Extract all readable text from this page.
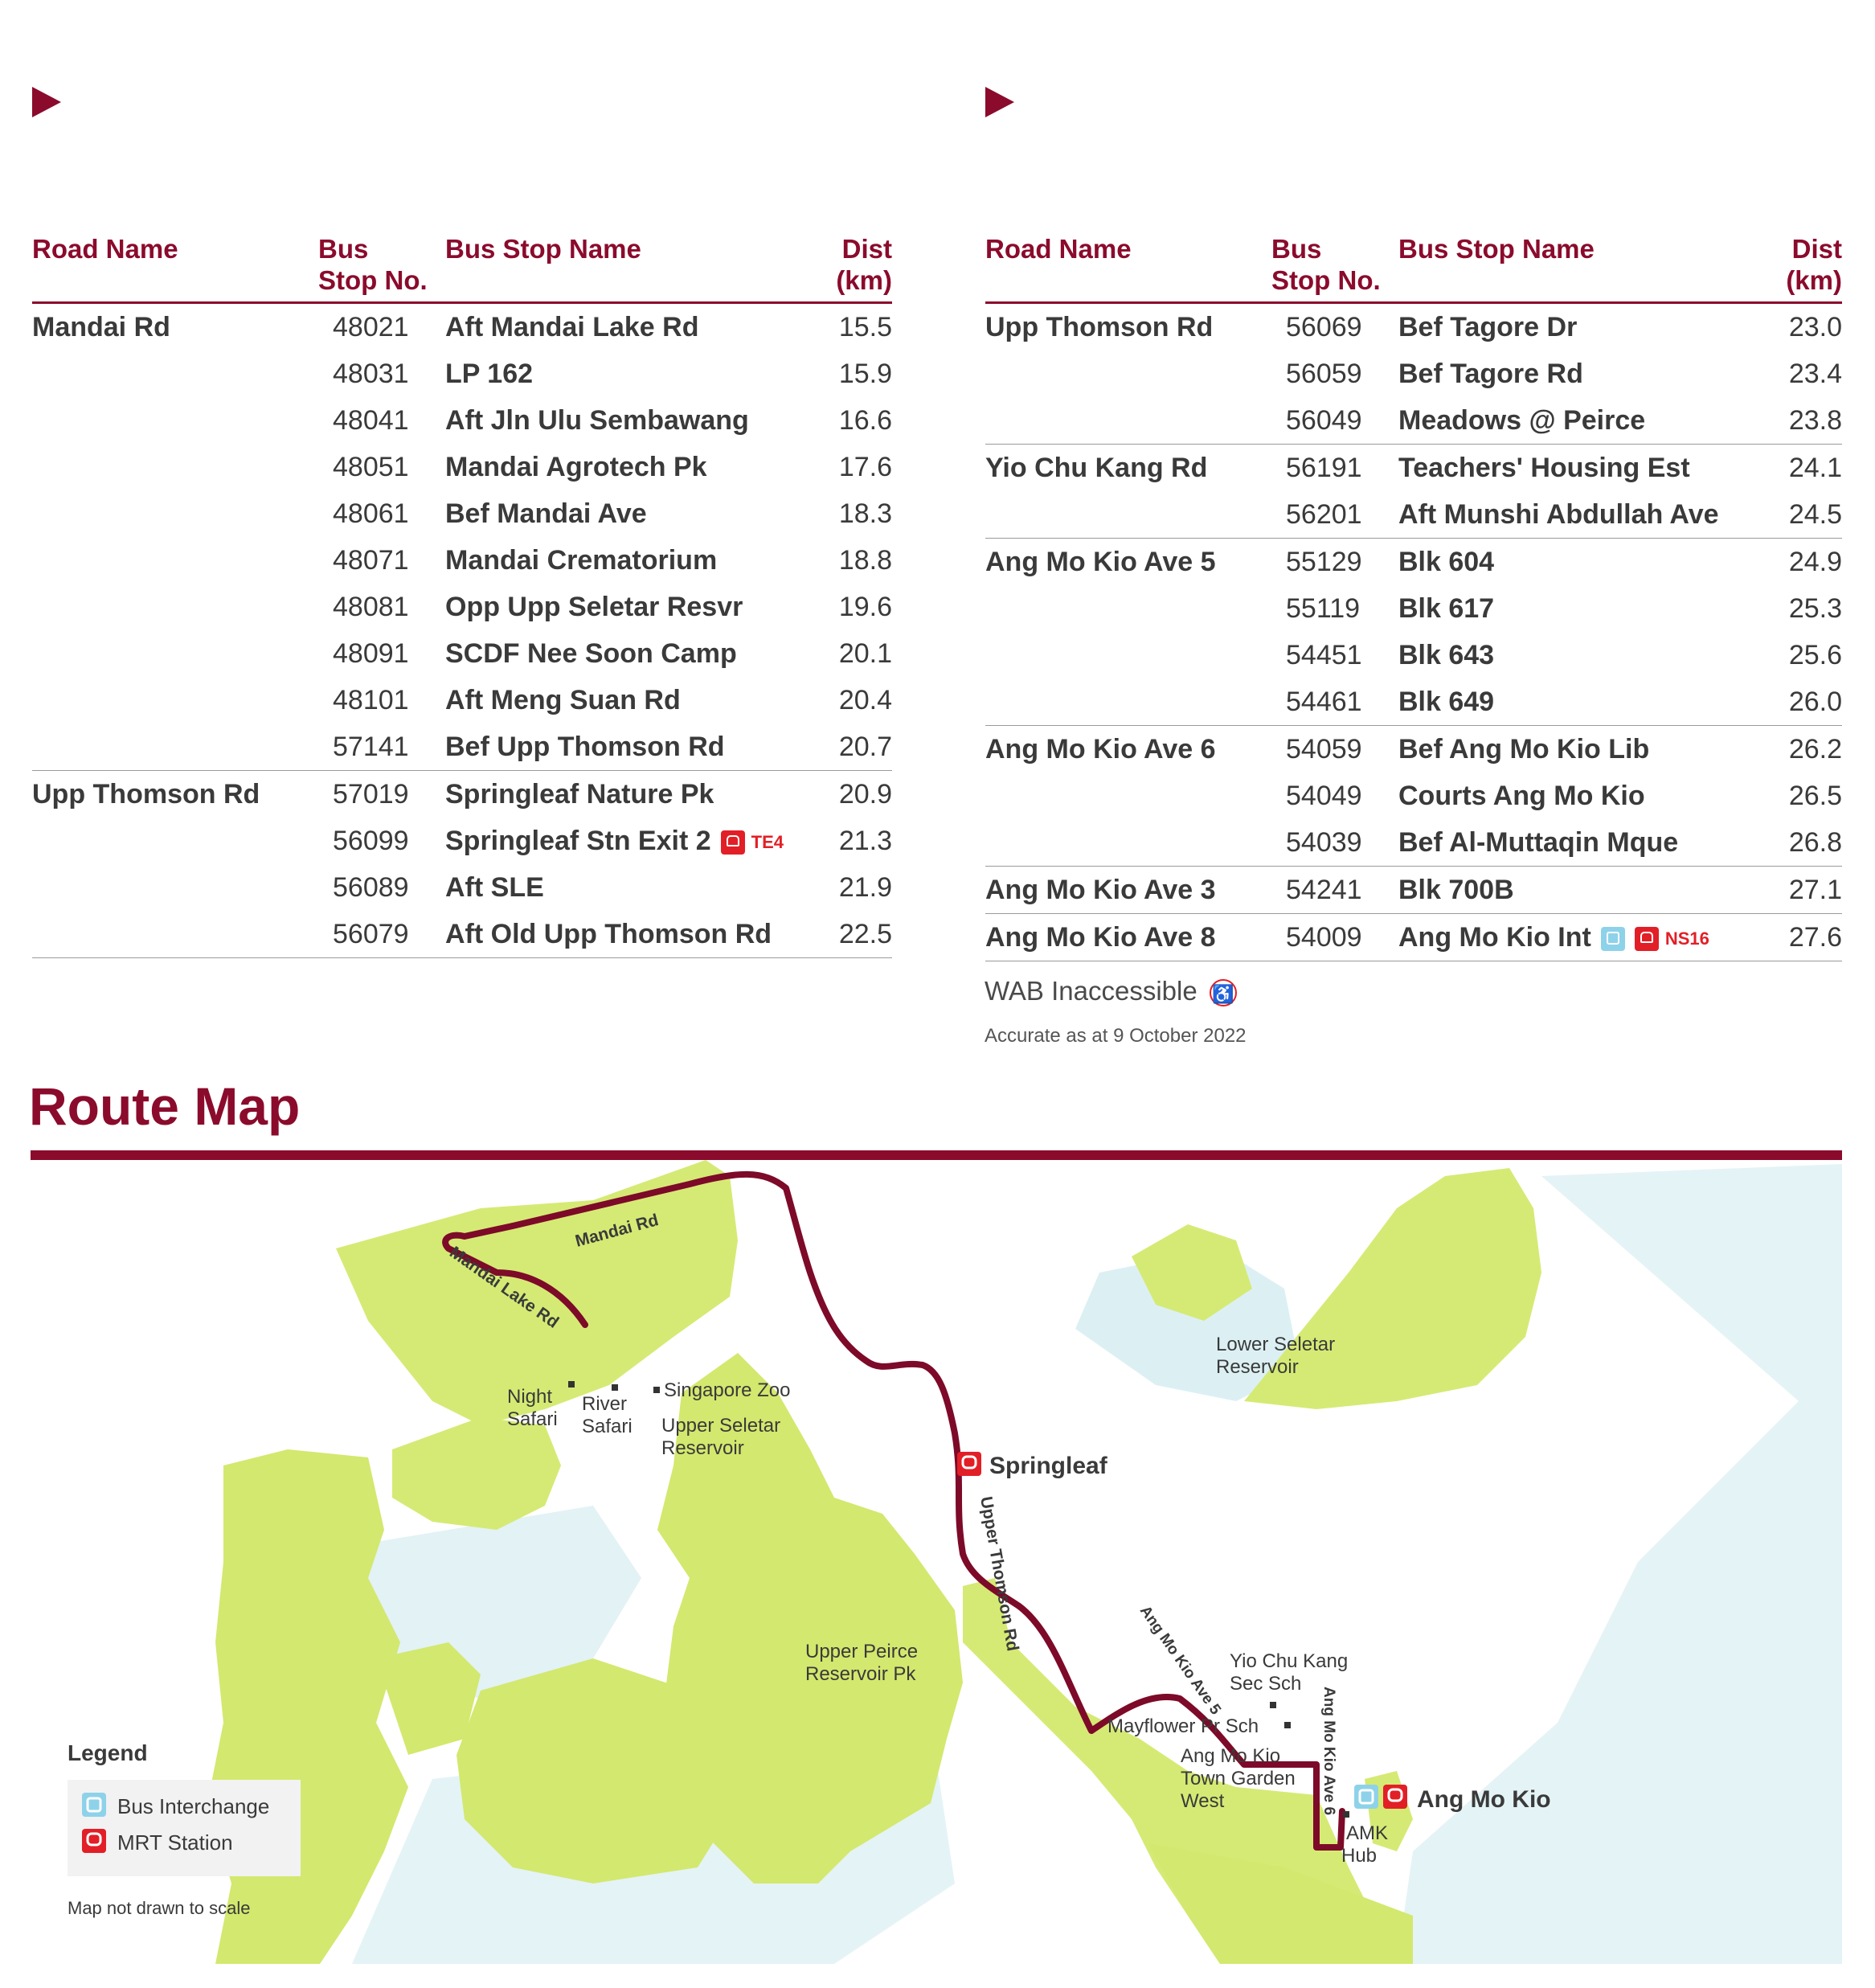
Road Name	Bus
Stop No.
Bus Stop Name	Dist
(km)
Mandai Rd	48021 Aft Mandai Lake Rd	15.5
48031 LP 162	15.9
48041 Aft Jln Ulu Sembawang	16.6
48051 Mandai Agrotech Pk	17.6
48061 Bef Mandai Ave	18.3
48071 Mandai Crematorium	18.8
48081 Opp Upp Seletar Resvr	19.6
48091 SCDF Nee Soon Camp	20.1
48101 Aft Meng Suan Rd	20.4
57141 Bef Upp Thomson Rd	20.7
Upp Thomson Rd	57019 Springleaf Nature Pk	20.9
56099 Springleaf Stn Exit 2 TE4 21.3
56089 Aft SLE	21.9
56079 Aft Old Upp Thomson Rd 22.5
Road Name	Bus
Stop No.
Bus Stop Name	Dist
(km)
Upp Thomson Rd	56069 Bef Tagore Dr	23.0
56059 Bef Tagore Rd	23.4
56049 Meadows @ Peirce	23.8
Yio Chu Kang Rd	56191 Teachers' Housing Est	24.1
56201 Aft Munshi Abdullah Ave	24.5
Ang Mo Kio Ave 5	55129 Blk 604	24.9
55119 Blk 617	25.3
54451 Blk 643	25.6
54461 Blk 649	26.0
Ang Mo Kio Ave 6	54059 Bef Ang Mo Kio Lib	26.2
54049 Courts Ang Mo Kio	26.5
54039 Bef Al-Muttaqin Mque	26.8
Ang Mo Kio Ave 3	54241 Blk 700B	27.1
Ang Mo Kio Ave 8	54009 Ang Mo Kio Int	NS16	27.6
WAB Inaccessible ♿
Accurate as at 9 October 2022
Route Map
Mandai Rd
Mandai Lake Rd
Upper Thomson Rd
Ang Mo Kio Ave 5
Ang Mo Kio Ave 6
Night
Safari
River
Safari
Singapore Zoo
Upper Seletar
Reservoir
Lower Seletar
Reservoir
Upper Peirce
Reservoir Pk
Springleaf
Yio Chu Kang
Sec Sch
Mayflower Pr Sch
Ang Mo Kio
Town Garden
West	Ang Mo Kio
AMK
Hub
Legend
Bus Interchange
MRT Station
Map not drawn to scale
